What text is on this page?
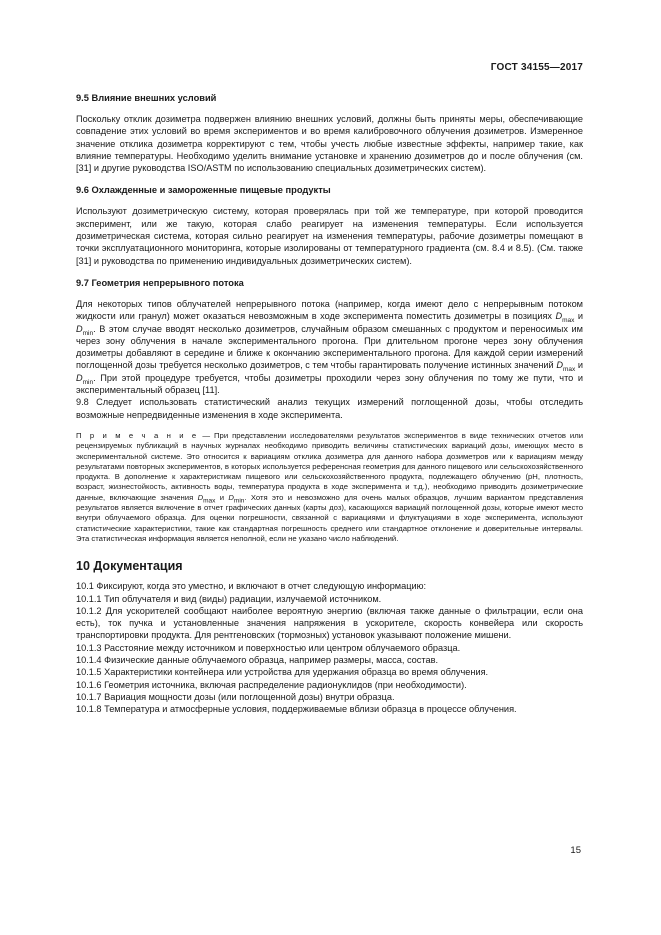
ГОСТ 34155—2017
9.5 Влияние внешних условий

Поскольку отклик дозиметра подвержен влиянию внешних условий, должны быть приняты меры, обеспечивающие совпадение этих условий во время экспериментов и во время калибровочного облучения дозиметров. Измеренное значение отклика дозиметра корректируют с тем, чтобы учесть любые известные эффекты, например такие, как влияние температуры. Необходимо уделить внимание установке и хранению дозиметров до и после облучения (см. [31] и другие руководства ISO/ASTM по использованию специальных дозиметрических систем).

9.6 Охлажденные и замороженные пищевые продукты

Используют дозиметрическую систему, которая проверялась при той же температуре, при которой проводится эксперимент, или же такую, которая слабо реагирует на изменения температуры. Если используется дозиметрическая система, которая сильно реагирует на изменения температуры, рабочие дозиметры помещают в точки эксплуатационного мониторинга, которые изолированы от температурного градиента (см. 8.4 и 8.5). (См. также [31] и руководства по применению индивидуальных дозиметрических систем).

9.7 Геометрия непрерывного потока

Для некоторых типов облучателей непрерывного потока (например, когда имеют дело с непрерывным потоком жидкости или гранул) может оказаться невозможным в ходе эксперимента поместить дозиметры в позициях $D_{max}$ и $D_{min}$. В этом случае вводят несколько дозиметров, случайным образом смешанных с продуктом и переносимых им через зону облучения в начале экспериментального прогона. При длительном прогоне через зону облучения дозиметры добавляют в середине и ближе к окончанию экспериментального прогона. Для каждой серии измерений поглощенной дозы требуется несколько дозиметров, с тем чтобы гарантировать получение истинных значений $D_{max}$ и $D_{min}$. При этой процедуре требуется, чтобы дозиметры проходили через зону облучения по тому же пути, что и экспериментальный образец [11].

9.8 Следует использовать статистический анализ текущих измерений поглощенной дозы, чтобы отследить возможные непредвиденные изменения в ходе эксперимента.

П р и м е ч а н и е — При представлении исследователями результатов экспериментов в виде технических отчетов или рецензируемых публикаций в научных журналах необходимо приводить величины статистических вариаций дозы, имеющих место в экспериментальной системе. Это относится к вариациям отклика дозиметра для данного набора дозиметров или к вариациям между результатами повторных экспериментов, в которых используется референсная геометрия для данного пищевого или сельскохозяйственного продукта. В дополнение к характеристикам пищевого или сельскохозяйственного продукта, подлежащего облучению (рН, плотность, возраст, жизнестойкость, активность воды, температура продукта в ходе эксперимента и т.д.), необходимо приводить дозиметрические данные, включающие значения $D_{max}$ и $D_{min}$. Хотя это и невозможно для очень малых образцов, лучшим вариантом представления результатов является включение в отчет графических данных (карты доз), касающихся вариаций поглощенной дозы, которые имеют место внутри облучаемого образца. Для оценки погрешности, связанной с вариациями и флуктуациями в ходе эксперимента, используют статистические характеристики, такие как стандартная погрешность среднего или стандартное отклонение и доверительные интервалы. Эта статистическая информация является неполной, если не указано число наблюдений.

10 Документация

10.1 Фиксируют, когда это уместно, и включают в отчет следующую информацию:

10.1.1 Тип облучателя и вид (виды) радиации, излучаемой источником.

10.1.2 Для ускорителей сообщают наиболее вероятную энергию (включая также данные о фильтрации, если она есть), ток пучка и установленные значения напряжения в ускорителе, скорость конвейера или скорость транспортировки продукта. Для рентгеновских (тормозных) установок указывают положение мишени.

10.1.3 Расстояние между источником и поверхностью или центром облучаемого образца.

10.1.4 Физические данные облучаемого образца, например размеры, масса, состав.

10.1.5 Характеристики контейнера или устройства для удержания образца во время облучения.

10.1.6 Геометрия источника, включая распределение радионуклидов (при необходимости).

10.1.7 Вариация мощности дозы (или поглощенной дозы) внутри образца.

10.1.8 Температура и атмосферные условия, поддерживаемые вблизи образца в процессе облучения.

15
